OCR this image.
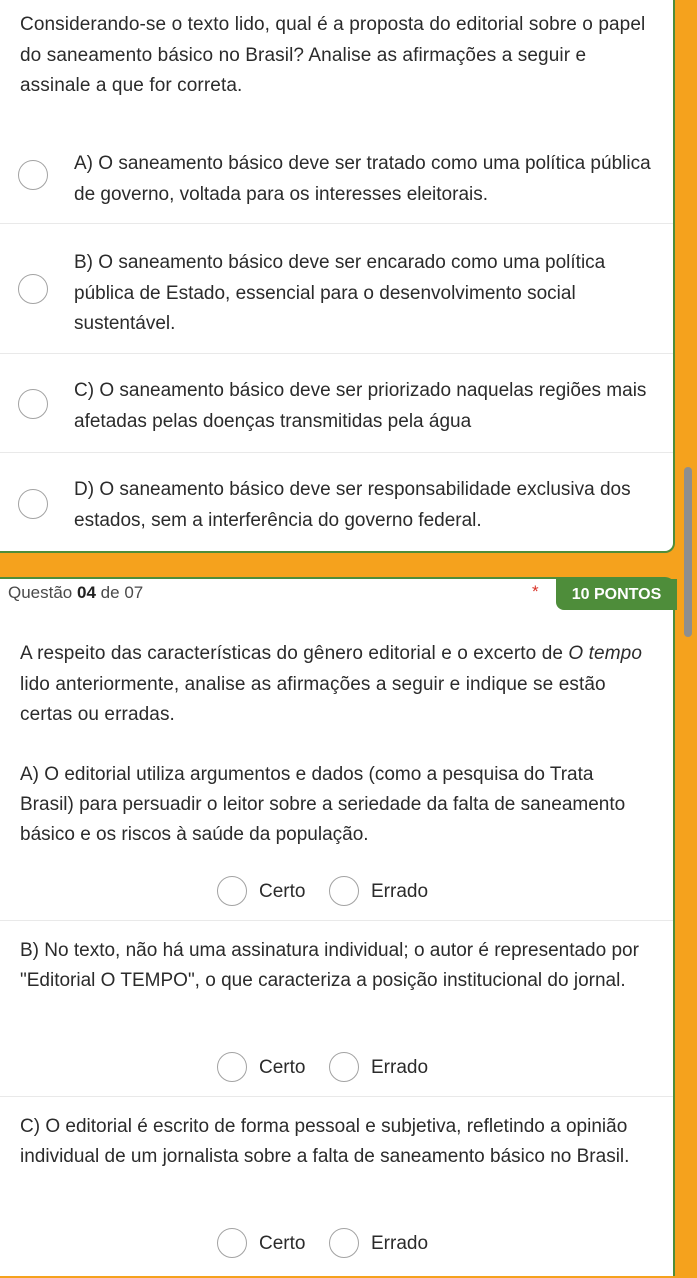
Considerando-se o texto lido, qual é a proposta do editorial sobre o papel do saneamento básico no Brasil? Analise as afirmações a seguir e assinale a que for correta.
A) O saneamento básico deve ser tratado como uma política pública de governo, voltada para os interesses eleitorais.
B) O saneamento básico deve ser encarado como uma política pública de Estado, essencial para o desenvolvimento social sustentável.
C) O saneamento básico deve ser priorizado naquelas regiões mais afetadas pelas doenças transmitidas pela água
D) O saneamento básico deve ser responsabilidade exclusiva dos estados, sem a interferência do governo federal.
Questão 04 de 07	*	10 PONTOS
A respeito das características do gênero editorial e o excerto de O tempo lido anteriormente, analise as afirmações a seguir e indique se estão certas ou erradas.
A) O editorial utiliza argumentos e dados (como a pesquisa do Trata Brasil) para persuadir o leitor sobre a seriedade da falta de saneamento básico e os riscos à saúde da população.
Certo	Errado
B) No texto, não há uma assinatura individual; o autor é representado por "Editorial O TEMPO", o que caracteriza a posição institucional do jornal.
Certo	Errado
C) O editorial é escrito de forma pessoal e subjetiva, refletindo a opinião individual de um jornalista sobre a falta de saneamento básico no Brasil.
Certo	Errado
